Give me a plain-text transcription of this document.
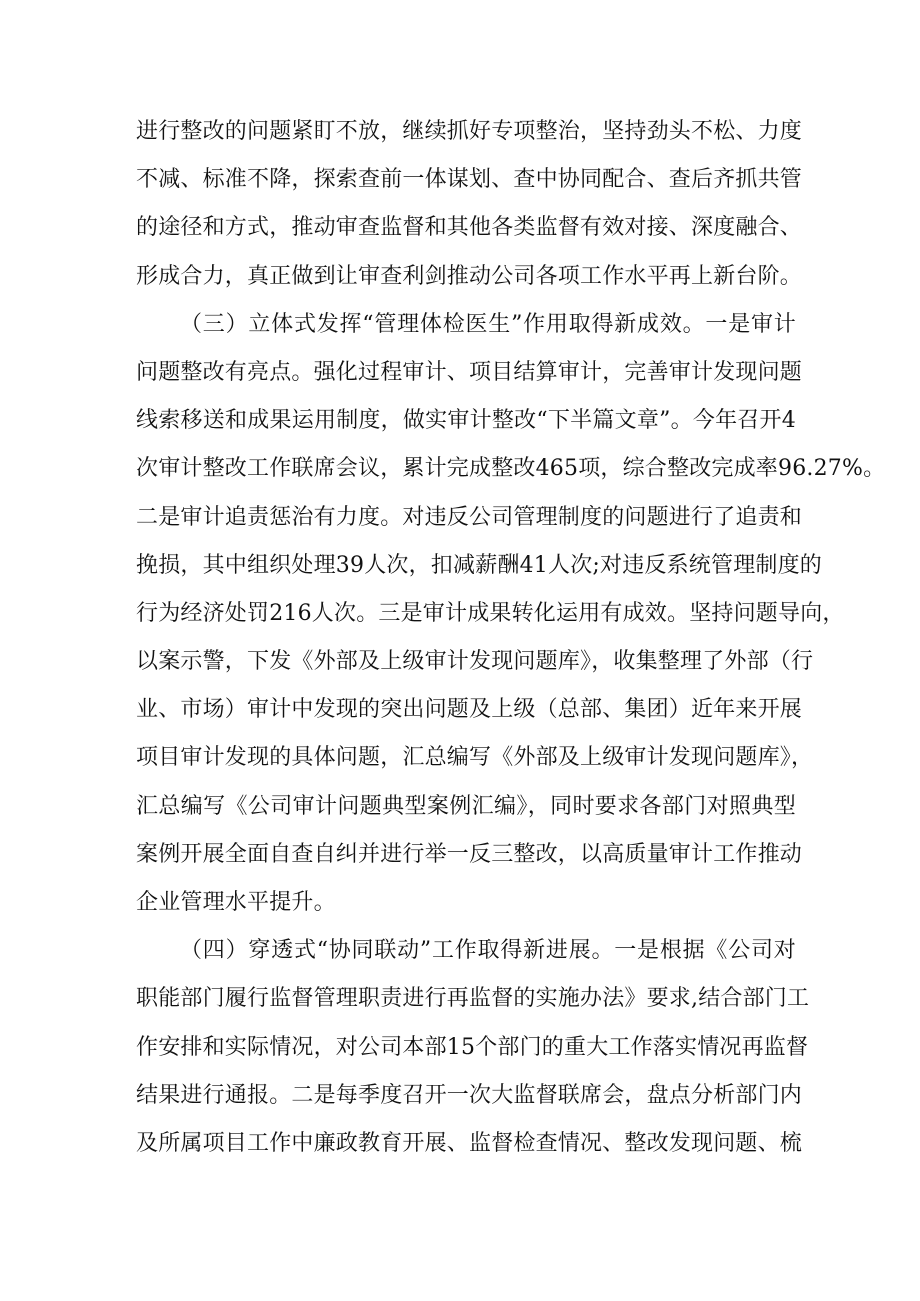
进行整改的问题紧盯不放，继续抓好专项整治，坚持劲头不松、力度
不减、标准不降，探索查前一体谋划、查中协同配合、查后齐抓共管
的途径和方式，推动审查监督和其他各类监督有效对接、深度融合、
形成合力，真正做到让审查利剑推动公司各项工作水平再上新台阶。
（三）立体式发挥“管理体检医生”作用取得新成效。一是审计
问题整改有亮点。强化过程审计、项目结算审计，完善审计发现问题
线索移送和成果运用制度，做实审计整改“下半篇文章”。今年召开4
次审计整改工作联席会议，累计完成整改465项，综合整改完成率96.27%。
二是审计追责惩治有力度。对违反公司管理制度的问题进行了追责和
挽损，其中组织处理39人次，扣减薪酬41人次;对违反系统管理制度的
行为经济处罚216人次。三是审计成果转化运用有成效。坚持问题导向，
以案示警，下发《外部及上级审计发现问题库》，收集整理了外部（行
业、市场）审计中发现的突出问题及上级（总部、集团）近年来开展
项目审计发现的具体问题，汇总编写《外部及上级审计发现问题库》，
汇总编写《公司审计问题典型案例汇编》，同时要求各部门对照典型
案例开展全面自查自纠并进行举一反三整改，以高质量审计工作推动
企业管理水平提升。
（四）穿透式“协同联动”工作取得新进展。一是根据《公司对
职能部门履行监督管理职责进行再监督的实施办法》要求,结合部门工
作安排和实际情况，对公司本部15个部门的重大工作落实情况再监督
结果进行通报。二是每季度召开一次大监督联席会，盘点分析部门内
及所属项目工作中廉政教育开展、监督检查情况、整改发现问题、梳
